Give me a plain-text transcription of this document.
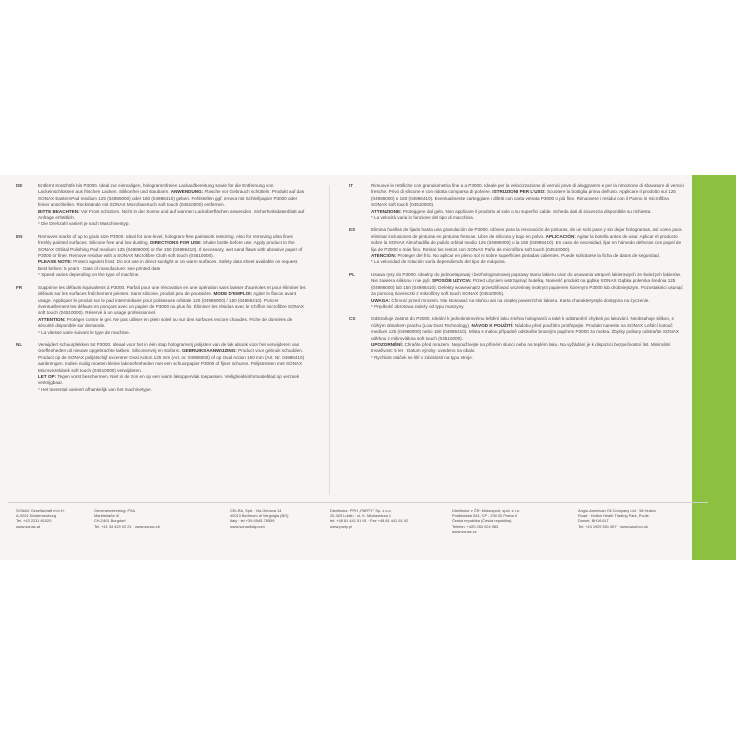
DE	Entfernt Kratzhöfe bis P3000. Ideal zur einmaligen, hologrammfreien Lackaufbereitung sowie für die Entfernung von Lackeinschlüssen aus frischen Lacken. Silikonfrei und staubarm. ANWENDUNG: Flasche vor Gebrauch schütteln. Produkt auf das SONAX EasternPad medium 125 (04986000) oder 150 (04986410) geben. Fehlstellen ggf. erneut mit Schleifpapier P3000 oder feiner anschleifen. Rückstände mit SONAX Microfasertuch soft touch (04510000) entfernen.
BITTE BEACHTEN: Vor Frost schützen. Nicht in der Sonne und auf warmen Lackoberflächen anwenden. Sicherheitsdatenblatt auf Anfrage erhältlich.
* Die Drehzahl variiert je nach Maschinentyp.

EN	Removes marks of up to grain size P3000. Ideal for one-level, hologram-free paintwork restoring. Also for removing ultra fines freshly painted surfaces. Silicone free and low dusting. DIRECTIONS FOR USE: Shake bottle before use. Apply product to the SONAX Orbital Polishing Pad medium 125 (04986000) or the 150 (04986410). If necessary, wet sand flaws with abrasive paper of P3000 or finer. Remove residue with a SONAX Microfibre Cloth soft touch (04510000).
PLEASE NOTE: Protect against frost. Do not use in direct sunlight or on warm surfaces. Safety data sheet available on request. Best before: 5 years · Date of manufacture: see printed date
* Speed varies depending on the type of machine.

FR	Supprime les défauts équivalents à P3000. Parfait pour une rénovation en une opération sans laisser d'auréoles et pour éliminer les défauts sur les surfaces fraîchement peintes. Sans silicone, produit peu de poussière. MODE D'EMPLOI: Agiter le flacon avant usage. Appliquer le produit sur le pad intermédiaire pour polisseuse orbitale 125 (04986000) / 150 (04986410). Poncer éventuellement les défauts en ponçant avec un papier de P3000 ou plus fin. Éliminer les résidus avec le Chiffon microfibre SONAX soft touch (04510000). Réservé à un usage professionnel.
ATTENTION: Protéger contre le gel. Ne pas utiliser en plein soleil ou sur des surfaces encore chaudes. Fiche de données de sécurité disponible sur demande.
* La vitesse varie suivant le type de machine.

NL	Verwijdert schuurplekken tot P3000. Ideaal voor het in één stap hologramvrij polijsten van de lak alsook voor het verwijderen van oneffenheden uit nieuwe opgebrachte lakken. Siliconenvrij en stofarm. GEBRUIKSAANWIJZING: Product voor gebruik schudden. Product op de SONAX polijstschijf excentrer Oval Action 125 mm (Art. nr. 04986000) of op Oval Action 150 mm (Art. Nr. 04986410) aanbrengen. Indien nodig moeten kleine lakonefenheden met een schuurpapier P3000 of fijner schuren. Polijstresten met SONAX Microvezeldoek soft touch (04510000) verwijderen.
LET OP: Tegen vorst beschermen. Niet in de zon en op een warm lakoppervlak toepassen. Veiligheidsinformatieblad op verzoek verkrijgbaar.
* Het toerental varieert afhankelijk van het machinetype.

IT	Rimuove le rettifiche con granulometria fine a a P3000. Ideale per la velocizzazione di vernici prive di aloggramm e per la rimozione di sbavature di vernici fresche. Privo di silicone e con ridotta comparsa di polvere. ISTRUZIONI PER L'USO: Scuotere la bottiglia prima dell'uso. Applicare il prodotto sul 125 (04986000) o 150 (04986410). Eventualmente carteggiare i difetti con carta vetrata P3000 o più fine. Rimuovere i residui con il Panno in microfibra SONAX soft touch (04510000).
ATTENZIONE: Proteggere dal gelo. Non applicare il prodotto al sole o su superfici calde. Scheda dati di sicurezza disponibile su richiesta.
* La velocità varia in funzione del tipo di macchina.

ES	Elimina huellas de lijado hasta una granulación de P3000. Idóneo para la renovación de pinturas, de un solo paso y sin dejar hologramas, así como para eliminar inclusiones de pinturas en pinturas frescas. Libre de silicona y bajo en polvo. APLICACIÓN: Agitar la botella antes de usar. Aplicar el producto sobre la SONAX Almohadilla de pulido orbital medio 125 (04986000) o la 150 (04986410). En caso de necesidad, lijar en húmedo defectos con papel de lija de P3000 o más fino. Retirar los restos con SONAX Paño de microfibra soft touch (04510000).
ATENCIÓN: Proteger del frío. No aplicar en pleno sol ni sobre superficies pintadas calientes. Puede solicitarse la ficha de datos de seguridad.
* La velocidad de rotación varía dependiendo del tipo de máquina.

PL	Usuwa rysy do P3000. Idealny do jednoetapowej i bezhologramowej poprawy stanu lakieru oraz do usuwania wtrąceń lakierowych ze świeżych lakierów. Nie zawiera silikonu i nie pyli. SPOSÓB UŻYCIA: Przed użyciem wstrząsnąć butelką. Nanieść produkt na gąbkę SONAX Gąbka polerska średnia 125 (04986000) lub 150 (04986410). Defekty wowewnątrz przeszlifować wcześniej mokrym papierem ściernym P3000 lub drobniejszym. Pozostałości usunąć za pomocą ściereczki z mikrofibry soft touch SONAX (04510000).
UWAGA: Chronić przed mrozem. Nie stosować na słońcu ani na ciepłej powierzchni lakieru. Karta charakterystyki dostępna na życzenie.
* Prędkość obrotowa zależy od typu maszyny.

CS	Odstraňuje zastrot do P3000. Ideální k jednokrokovému leštění laku změna hologramů a také k odstranění chybek po lakování. Neobsahuje silikon, s nízkým obsahem prachu (Low Dust Technology). NÁVOD K POUŽITÍ: Nádobu před použitím protřepejte. Produkt naneste na SONAX Leštící kotouč medium 125 (04986000) nebo 150 (04986410). Místa s malou případně odstraňte brusným papírem P3000 za mokra. Zbytky politury odstraňte SONAX utěrkou z mikrovlákna soft touch (04510000).
UPOZORNĚNÍ: Chraňte před mrazem. Nepoužívejte na přímém slunci nebo na teplém laku. Na vyžádání je k dispozici bezpečnostní list. Minimální trvanlivost: 5 let · Datum výroby: uvedeno na obalu
* Rychlost otáček se liší v závislosti na typu stroje.

SONAX Gesellschaft m.b.H.
A-9201 Klosterneuburg
Tel. +43 2231 81020
www.sonax.at
Generalvertretung: FSA
Marktstraße 4/
CH-2401 Burgdorf
Tel. +41 34 429 02 21 · www.sonax.ch
CELRA, SpA · Via Genova 14
40013 Bertinoro di Vergnigla (BO)
Italy · tel +39-0545-78559
www.sonaxitaly.com
Distributor: PPH „PARTY" Sp. z o.o.
20-329 Lublin · ul. K. Mickiewicza 1
tel: +48 81 441 51 91 · Fax +48 81 441 51 92
www.party.pl
Distributor v ČR: Motorsport, spol. s r.o.
Podškolská 543, CP - 290 00 Praha 9
Česká republika (Česká republika)
Telefon: +420 283 024 983
www.sonax.cz
Anglo-American Oil Company Ltd · 58 Hulton
Road · Holton Heath Trading Park, Poole,
Dorset, BH16 6LT
Tel: +44 1929 551 557 · www.aaoil.co.uk
